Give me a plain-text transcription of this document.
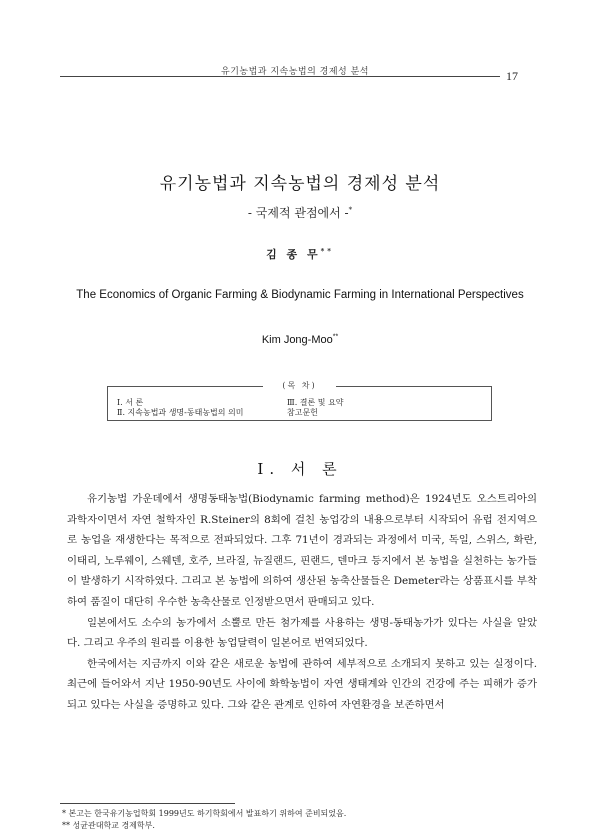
유기농법과 지속농법의 경제성 분석	17
유기농법과 지속농법의 경제성 분석
- 국제적 관점에서 -*
김 종 무**
The Economics of Organic Farming & Biodynamic Farming in International Perspectives
Kim Jong-Moo**
(목 차)
Ⅰ. 서 론	Ⅲ. 결론 및 요약
Ⅱ. 지속농법과 생명-동태농법의 의미	참고문헌
Ⅰ. 서 론

유기농법 가운데에서 생명동태농법(Biodynamic farming method)은 1924년도 오스트리아의 과학자이면서 자연 철학자인 R.Steiner의 8회에 걸친 농업강의 내용으로부터 시작되어 유럽 전지역으로 농업을 재생한다는 목적으로 전파되었다. 그후 71년이 경과되는 과정에서 미국, 독일, 스위스, 화란, 이태리, 노루웨이, 스웨덴, 호주, 브라질, 뉴질랜드, 핀랜드, 덴마크 등지에서 본 농법을 실천하는 농가들이 발생하기 시작하였다. 그리고 본 농법에 의하여 생산된 농축산물들은 Demeter라는 상품표시를 부착하여 품질이 대단히 우수한 농축산물로 인정받으면서 판매되고 있다.

일본에서도 소수의 농가에서 소뿔로 만든 첨가제를 사용하는 생명-동태농가가 있다는 사실을 알았다. 그리고 우주의 원리를 이용한 농업달력이 일본어로 번역되었다.

한국에서는 지금까지 이와 같은 새로운 농법에 관하여 세부적으로 소개되지 못하고 있는 실정이다. 최근에 들어와서 지난 1950-90년도 사이에 화학농법이 자연 생태계와 인간의 건강에 주는 피해가 증가되고 있다는 사실을 증명하고 있다. 그와 같은 관계로 인하여 자연환경을 보존하면서

* 본고는 한국유기농업학회 1999년도 하기학회에서 발표하기 위하여 준비되었음.
** 성균관대학교 경제학부.
